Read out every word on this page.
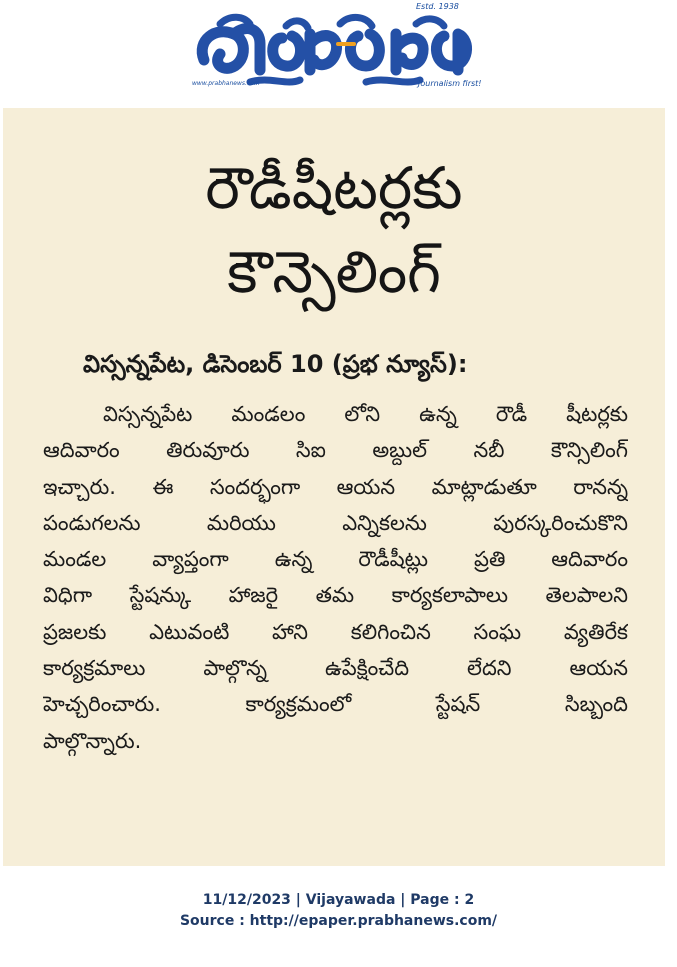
Estd. 1938
www.prabhanews.com	Journalism first!
రౌడీషీటర్లకు
కౌన్సెలింగ్
విస్సన్నపేట, డిసెంబర్ 10 (ప్రభ న్యూస్):
విస్సన్నపేట మండలం లోని ఉన్న రౌడీ షీటర్లకు
ఆదివారం తిరువూరు సిఐ అబ్దుల్ నబీ కౌన్సిలింగ్
ఇచ్చారు. ఈ సందర్భంగా ఆయన మాట్లాడుతూ రానన్న
పండుగలను మరియు ఎన్నికలను పురస్కరించుకొని
మండల వ్యాప్తంగా ఉన్న రౌడీషీట్లు ప్రతి ఆదివారం
విధిగా స్టేషన్కు హాజరై తమ కార్యకలాపాలు తెలపాలని
ప్రజలకు ఎటువంటి హాని కలిగించిన సంఘ వ్యతిరేక
కార్యక్రమాలు పాల్గొన్న ఉపేక్షించేది లేదని ఆయన
హెచ్చరించారు. కార్యక్రమంలో స్టేషన్ సిబ్బంది
పాల్గొన్నారు.
11/12/2023 | Vijayawada | Page : 2
Source : http://epaper.prabhanews.com/
